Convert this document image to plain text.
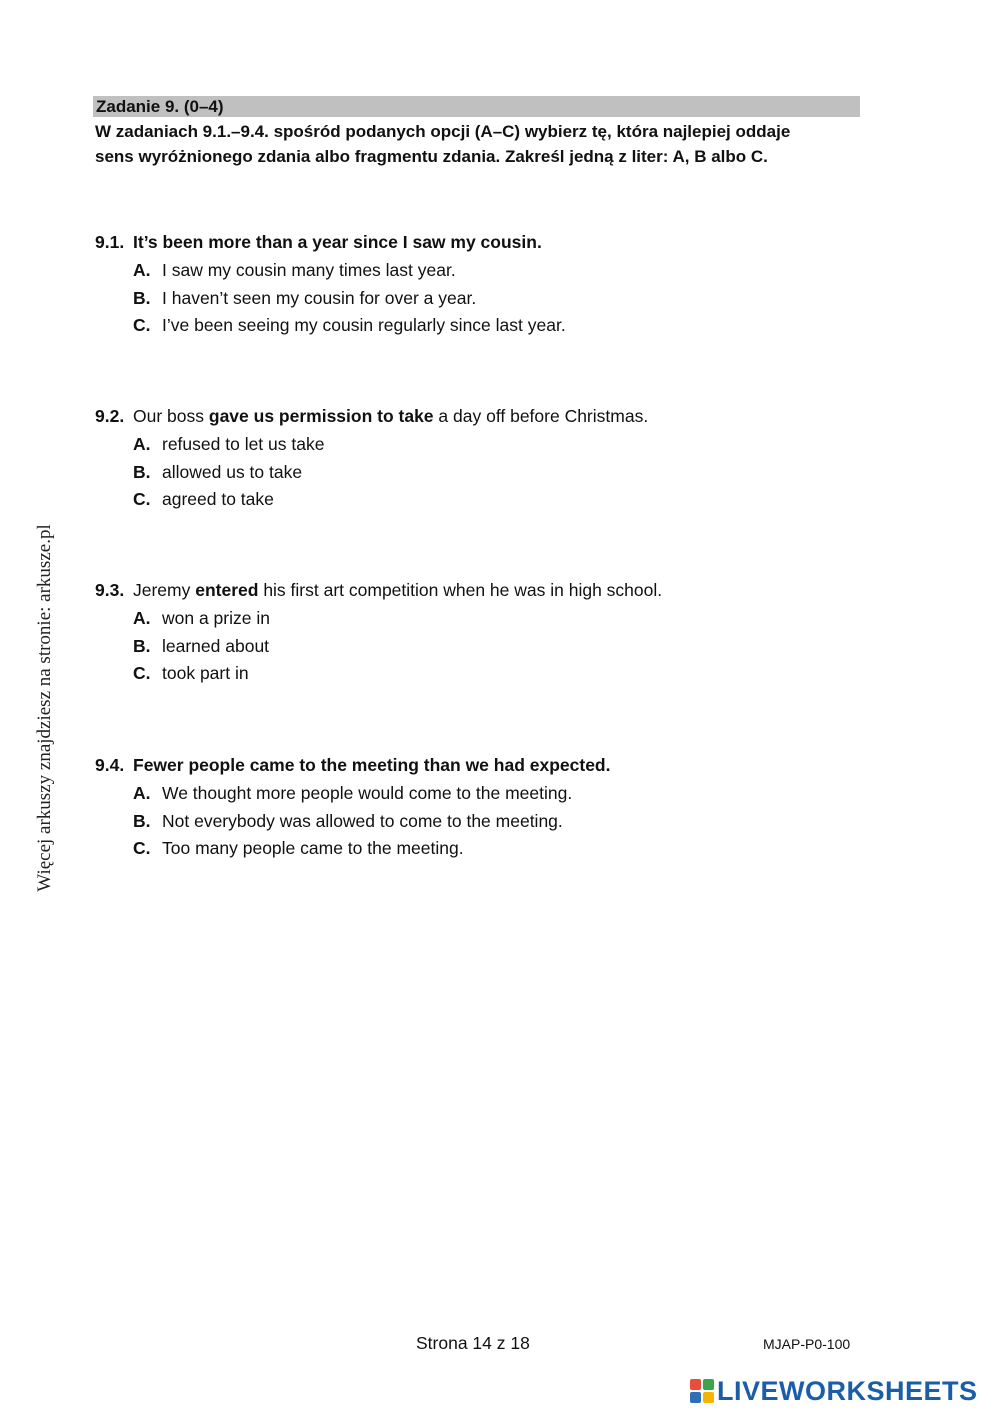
Zadanie 9. (0–4)
W zadaniach 9.1.–9.4. spośród podanych opcji (A–C) wybierz tę, która najlepiej oddaje
sens wyróżnionego zdania albo fragmentu zdania. Zakreśl jedną z liter: A, B albo C.
9.1. It’s been more than a year since I saw my cousin.
A. I saw my cousin many times last year.
B. I haven’t seen my cousin for over a year.
C. I’ve been seeing my cousin regularly since last year.
9.2. Our boss gave us permission to take a day off before Christmas.
A. refused to let us take
B. allowed us to take
C. agreed to take
9.3. Jeremy entered his first art competition when he was in high school.
A. won a prize in
B. learned about
C. took part in
9.4. Fewer people came to the meeting than we had expected.
A. We thought more people would come to the meeting.
B. Not everybody was allowed to come to the meeting.
C. Too many people came to the meeting.
Więcej arkuszy znajdziesz na stronie: arkusze.pl
Strona 14 z 18	MJAP-P0-100
LIVEWORKSHEETS
